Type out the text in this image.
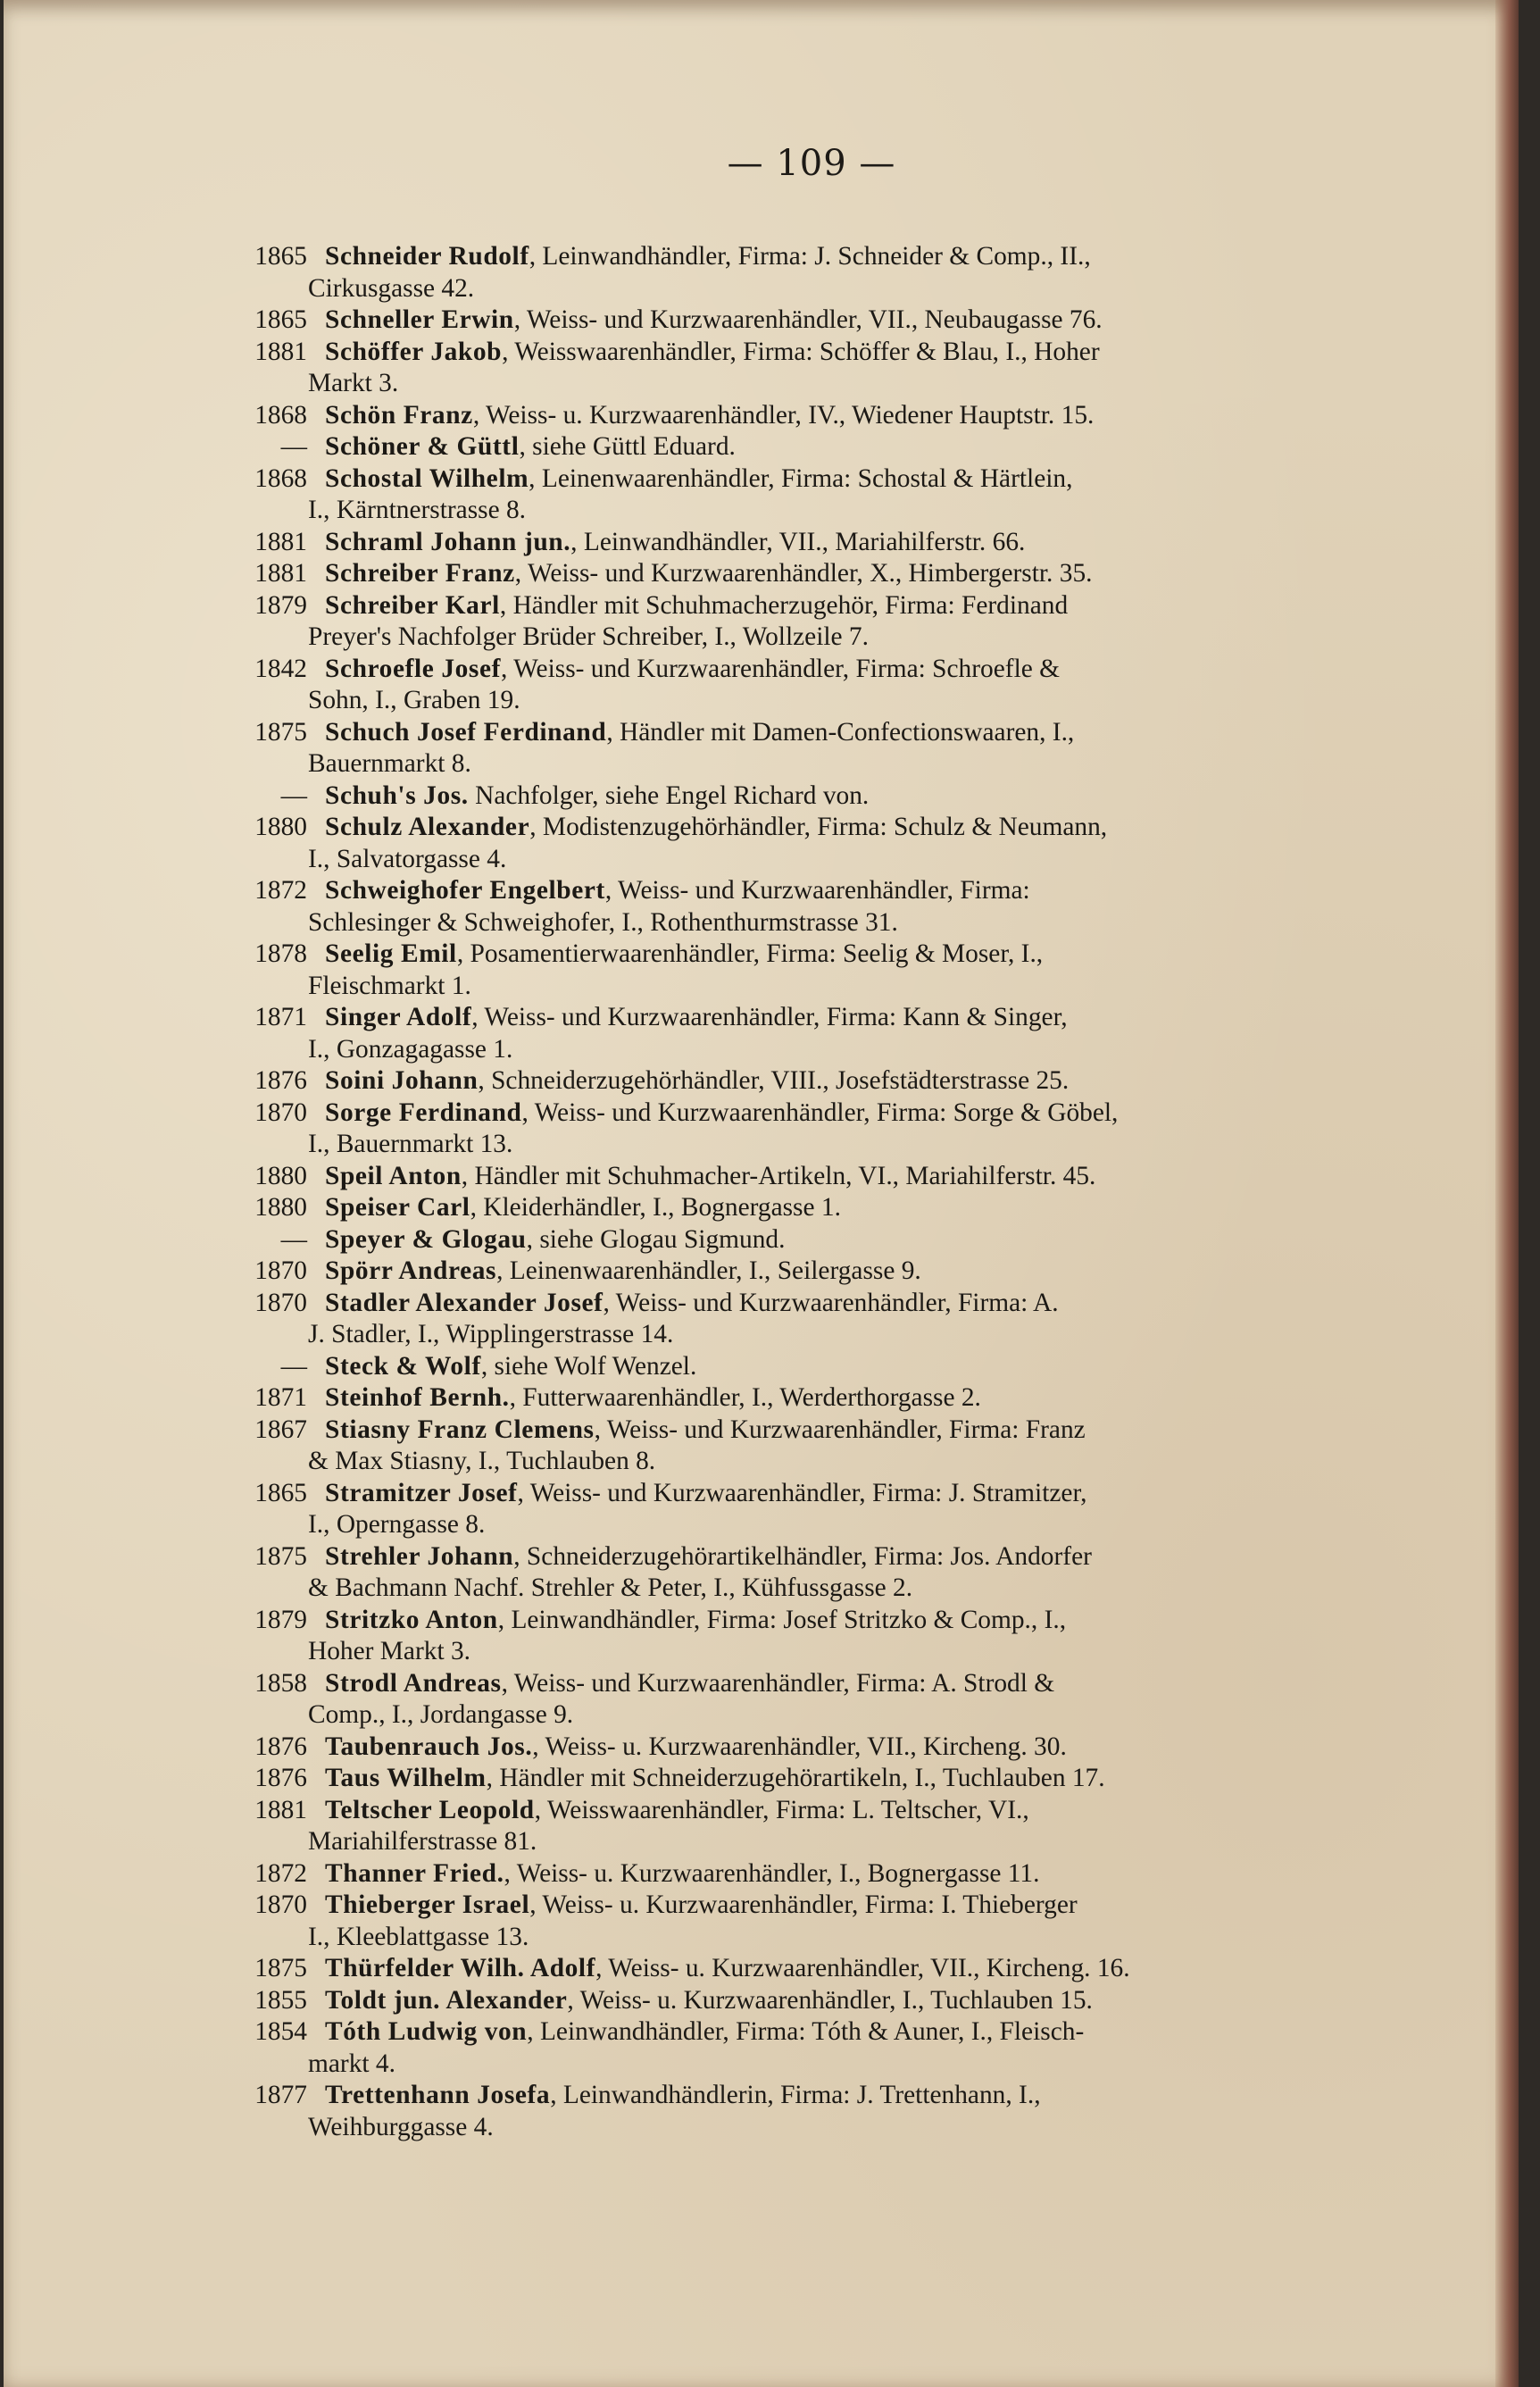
— 109 —
1865 Schneider Rudolf, Leinwandhändler, Firma: J. Schneider & Comp., II.,
Cirkusgasse 42.
1865 Schneller Erwin, Weiss- und Kurzwaarenhändler, VII., Neubaugasse 76.
1881 Schöffer Jakob, Weisswaarenhändler, Firma: Schöffer & Blau, I., Hoher
Markt 3.
1868 Schön Franz, Weiss- u. Kurzwaarenhändler, IV., Wiedener Hauptstr. 15.
— Schöner & Güttl, siehe Güttl Eduard.
1868 Schostal Wilhelm, Leinenwaarenhändler, Firma: Schostal & Härtlein,
I., Kärntnerstrasse 8.
1881 Schraml Johann jun., Leinwandhändler, VII., Mariahilferstr. 66.
1881 Schreiber Franz, Weiss- und Kurzwaarenhändler, X., Himbergerstr. 35.
1879 Schreiber Karl, Händler mit Schuhmacherzugehör, Firma: Ferdinand
Preyer's Nachfolger Brüder Schreiber, I., Wollzeile 7.
1842 Schroefle Josef, Weiss- und Kurzwaarenhändler, Firma: Schroefle &
Sohn, I., Graben 19.
1875 Schuch Josef Ferdinand, Händler mit Damen-Confectionswaaren, I.,
Bauernmarkt 8.
— Schuh's Jos. Nachfolger, siehe Engel Richard von.
1880 Schulz Alexander, Modistenzugehörhändler, Firma: Schulz & Neumann,
I., Salvatorgasse 4.
1872 Schweighofer Engelbert, Weiss- und Kurzwaarenhändler, Firma:
Schlesinger & Schweighofer, I., Rothenthurmstrasse 31.
1878 Seelig Emil, Posamentierwaarenhändler, Firma: Seelig & Moser, I.,
Fleischmarkt 1.
1871 Singer Adolf, Weiss- und Kurzwaarenhändler, Firma: Kann & Singer,
I., Gonzagagasse 1.
1876 Soini Johann, Schneiderzugehörhändler, VIII., Josefstädterstrasse 25.
1870 Sorge Ferdinand, Weiss- und Kurzwaarenhändler, Firma: Sorge & Göbel,
I., Bauernmarkt 13.
1880 Speil Anton, Händler mit Schuhmacher-Artikeln, VI., Mariahilferstr. 45.
1880 Speiser Carl, Kleiderhändler, I., Bognergasse 1.
— Speyer & Glogau, siehe Glogau Sigmund.
1870 Spörr Andreas, Leinenwaarenhändler, I., Seilergasse 9.
1870 Stadler Alexander Josef, Weiss- und Kurzwaarenhändler, Firma: A.
J. Stadler, I., Wipplingerstrasse 14.
— Steck & Wolf, siehe Wolf Wenzel.
1871 Steinhof Bernh., Futterwaarenhändler, I., Werderthorgasse 2.
1867 Stiasny Franz Clemens, Weiss- und Kurzwaarenhändler, Firma: Franz
& Max Stiasny, I., Tuchlauben 8.
1865 Stramitzer Josef, Weiss- und Kurzwaarenhändler, Firma: J. Stramitzer,
I., Operngasse 8.
1875 Strehler Johann, Schneiderzugehörartikelhändler, Firma: Jos. Andorfer
& Bachmann Nachf. Strehler & Peter, I., Kühfussgasse 2.
1879 Stritzko Anton, Leinwandhändler, Firma: Josef Stritzko & Comp., I.,
Hoher Markt 3.
1858 Strodl Andreas, Weiss- und Kurzwaarenhändler, Firma: A. Strodl &
Comp., I., Jordangasse 9.
1876 Taubenrauch Jos., Weiss- u. Kurzwaarenhändler, VII., Kircheng. 30.
1876 Taus Wilhelm, Händler mit Schneiderzugehörartikeln, I., Tuchlauben 17.
1881 Teltscher Leopold, Weisswaarenhändler, Firma: L. Teltscher, VI.,
Mariahilferstrasse 81.
1872 Thanner Fried., Weiss- u. Kurzwaarenhändler, I., Bognergasse 11.
1870 Thieberger Israel, Weiss- u. Kurzwaarenhändler, Firma: I. Thieberger
I., Kleeblattgasse 13.
1875 Thürfelder Wilh. Adolf, Weiss- u. Kurzwaarenhändler, VII., Kircheng. 16.
1855 Toldt jun. Alexander, Weiss- u. Kurzwaarenhändler, I., Tuchlauben 15.
1854 Tóth Ludwig von, Leinwandhändler, Firma: Tóth & Auner, I., Fleisch-
markt 4.
1877 Trettenhann Josefa, Leinwandhändlerin, Firma: J. Trettenhann, I.,
Weihburggasse 4.
